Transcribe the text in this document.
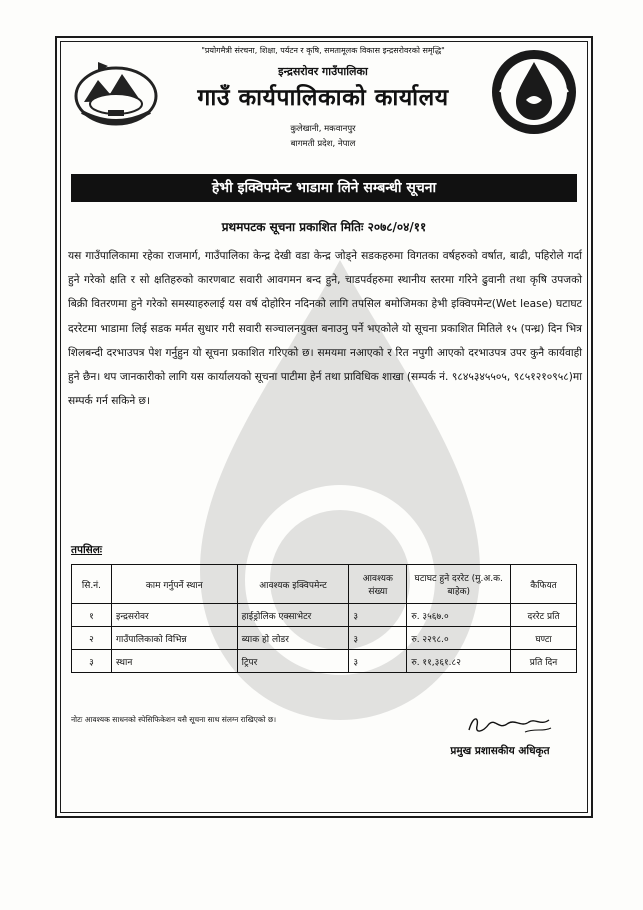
"प्रयोगमैत्री संरचना, शिक्षा, पर्यटन र कृषि, समतामूलक विकास इन्द्रसरोवरको समृद्धि"
इन्द्रसरोवर गाउँपालिका
गाउँ कार्यपालिकाको कार्यालय
कुलेखानी, मकवानपुर
बागमती प्रदेश, नेपाल
हेभी इक्विपमेन्ट भाडामा लिने सम्बन्धी सूचना
प्रथमपटक सूचना प्रकाशित मितिः २०७८/०४/११
यस गाउँपालिकामा रहेका राजमार्ग, गाउँपालिका केन्द्र देखी वडा केन्द्र जोड्ने सडकहरुमा विगतका वर्षहरुको वर्षात, बाढी, पहिरोले गर्दा हुने गरेको क्षति र सो क्षतिहरुको कारणबाट सवारी आवगमन बन्द हुने, चाडपर्वहरुमा स्थानीय स्तरमा गरिने ढुवानी तथा कृषि उपजको बिक्री वितरणमा हुने गरेको समस्याहरुलाई यस वर्ष दोहोरिन नदिनको लागि तपसिल बमोजिमका हेभी इक्विपमेन्ट(Wet lease) घटाघट दररेटमा भाडामा लिई सडक मर्मत सुधार गरी सवारी सञ्चालनयुक्त बनाउनु पर्ने भएकोले यो सूचना प्रकाशित मितिले १५ (पन्ध्र) दिन भित्र शिलबन्दी दरभाउपत्र पेश गर्नुहुन यो सूचना प्रकाशित गरिएको छ। समयमा नआएको र रित नपुगी आएको दरभाउपत्र उपर कुनै कार्यवाही हुने छैन। थप जानकारीको लागि यस कार्यालयको सूचना पाटीमा हेर्न तथा प्राविधिक शाखा (सम्पर्क नं. ९८४५३४५५०५, ९८५१२१०९५८)मा सम्पर्क गर्न सकिने छ।
तपसिलः
सि.नं.	काम गर्नुपर्ने स्थान	आवश्यक इक्विपमेन्ट	आवश्यक संख्या	घटाघट हुने दररेट (मु.अ.क. बाहेक)	कैफियत
१	इन्द्रसरोवर	हाईड्रोलिक एक्साभेटर	३	रु. ३५६७.०	दररेट प्रति
२	गाउँपालिकाको विभिन्न	ब्याक हो लोडर	३	रु. २२९८.०	घण्टा
३	स्थान	ट्रिपर	३	रु. ११,३६१.८२	प्रति दिन
नोटः आवश्यक साधनको स्पेसिफिकेशन यसै सूचना साथ संलग्न राखिएको छ।
प्रमुख प्रशासकीय अधिकृत
